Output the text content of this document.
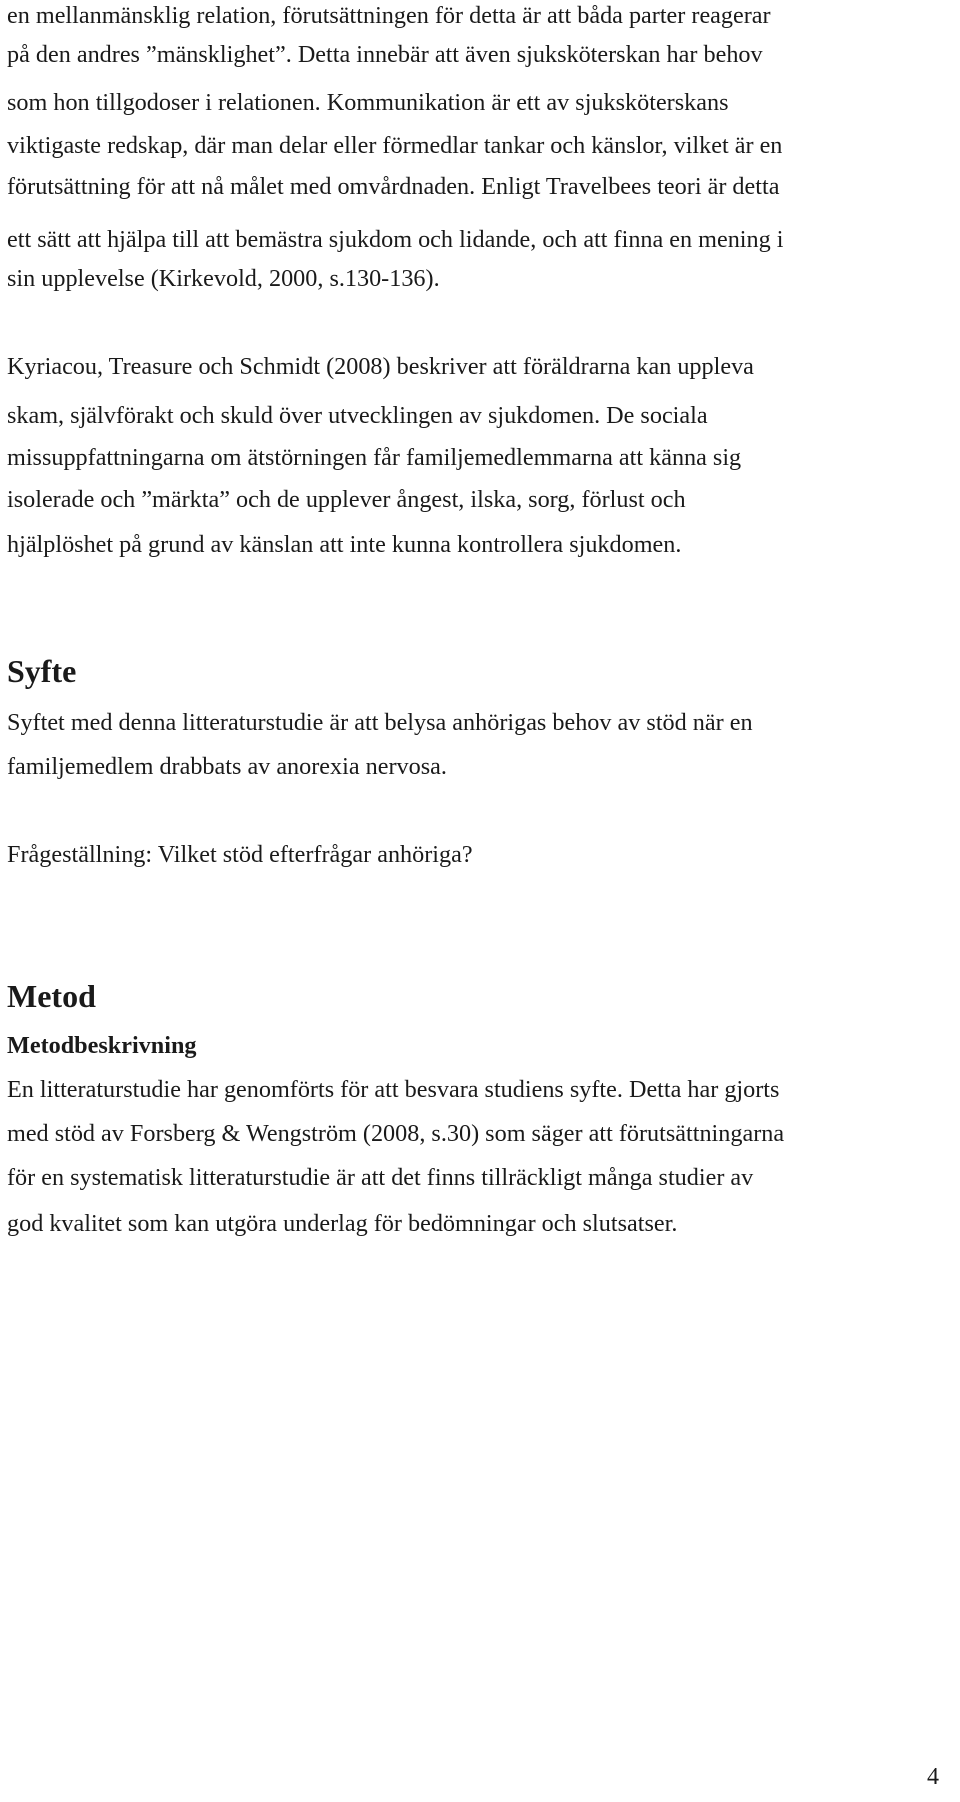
en mellanmänsklig relation, förutsättningen för detta är att båda parter reagerar
på den andres ”mänsklighet”. Detta innebär att även sjuksköterskan har behov
som hon tillgodoser i relationen. Kommunikation är ett av sjuksköterskans
viktigaste redskap, där man delar eller förmedlar tankar och känslor, vilket är en
förutsättning för att nå målet med omvårdnaden. Enligt Travelbees teori är detta
ett sätt att hjälpa till att bemästra sjukdom och lidande, och att finna en mening i
sin upplevelse (Kirkevold, 2000, s.130-136).
Kyriacou, Treasure och Schmidt (2008) beskriver att föräldrarna kan uppleva
skam, självförakt och skuld över utvecklingen av sjukdomen. De sociala
missuppfattningarna om ätstörningen får familjemedlemmarna att känna sig
isolerade och ”märkta” och de upplever ångest, ilska, sorg, förlust och
hjälplöshet på grund av känslan att inte kunna kontrollera sjukdomen.
Syfte
Syftet med denna litteraturstudie är att belysa anhörigas behov av stöd när en
familjemedlem drabbats av anorexia nervosa.
Frågeställning: Vilket stöd efterfrågar anhöriga?
Metod
Metodbeskrivning
En litteraturstudie har genomförts för att besvara studiens syfte. Detta har gjorts
med stöd av Forsberg & Wengström (2008, s.30) som säger att förutsättningarna
för en systematisk litteraturstudie är att det finns tillräckligt många studier av
god kvalitet som kan utgöra underlag för bedömningar och slutsatser.
4
